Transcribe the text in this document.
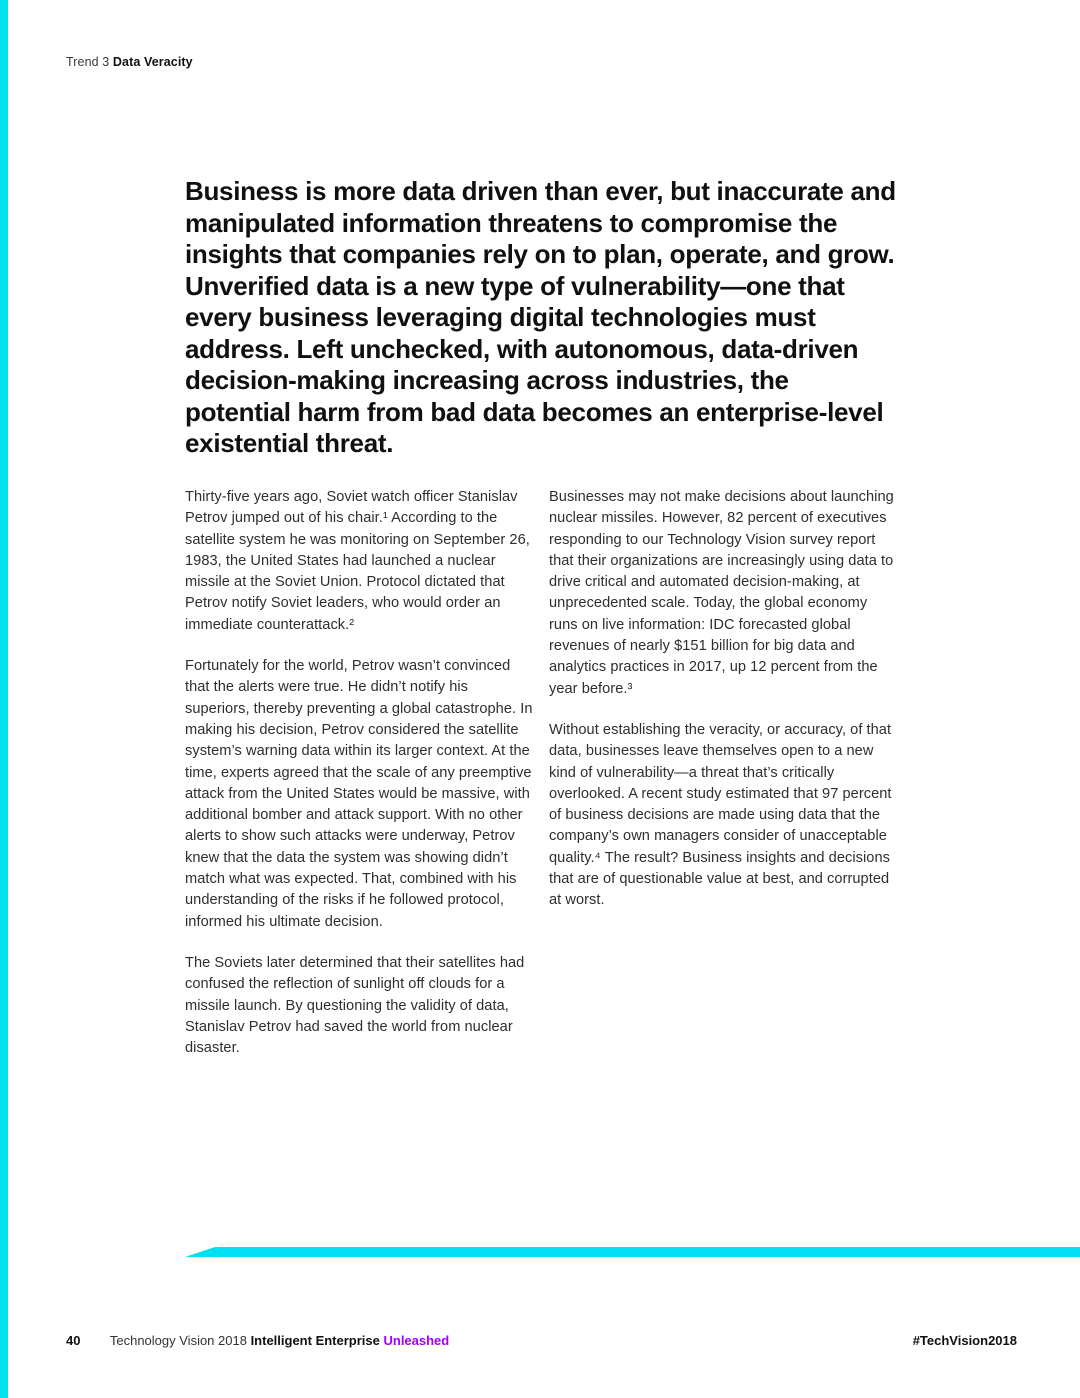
Trend 3 Data Veracity
Business is more data driven than ever, but inaccurate and manipulated information threatens to compromise the insights that companies rely on to plan, operate, and grow. Unverified data is a new type of vulnerability—one that every business leveraging digital technologies must address. Left unchecked, with autonomous, data-driven decision-making increasing across industries, the potential harm from bad data becomes an enterprise-level existential threat.

Thirty-five years ago, Soviet watch officer Stanislav Petrov jumped out of his chair.¹ According to the satellite system he was monitoring on September 26, 1983, the United States had launched a nuclear missile at the Soviet Union. Protocol dictated that Petrov notify Soviet leaders, who would order an immediate counterattack.²

Fortunately for the world, Petrov wasn’t convinced that the alerts were true. He didn’t notify his superiors, thereby preventing a global catastrophe. In making his decision, Petrov considered the satellite system’s warning data within its larger context. At the time, experts agreed that the scale of any preemptive attack from the United States would be massive, with additional bomber and attack support. With no other alerts to show such attacks were underway, Petrov knew that the data the system was showing didn’t match what was expected. That, combined with his understanding of the risks if he followed protocol, informed his ultimate decision.

The Soviets later determined that their satellites had confused the reflection of sunlight off clouds for a missile launch. By questioning the validity of data, Stanislav Petrov had saved the world from nuclear disaster.

Businesses may not make decisions about launching nuclear missiles. However, 82 percent of executives responding to our Technology Vision survey report that their organizations are increasingly using data to drive critical and automated decision-making, at unprecedented scale. Today, the global economy runs on live information: IDC forecasted global revenues of nearly $151 billion for big data and analytics practices in 2017, up 12 percent from the year before.³

Without establishing the veracity, or accuracy, of that data, businesses leave themselves open to a new kind of vulnerability—a threat that’s critically overlooked. A recent study estimated that 97 percent of business decisions are made using data that the company’s own managers consider of unacceptable quality.⁴ The result? Business insights and decisions that are of questionable value at best, and corrupted at worst.

40 Technology Vision 2018 Intelligent Enterprise Unleashed	#TechVision2018
